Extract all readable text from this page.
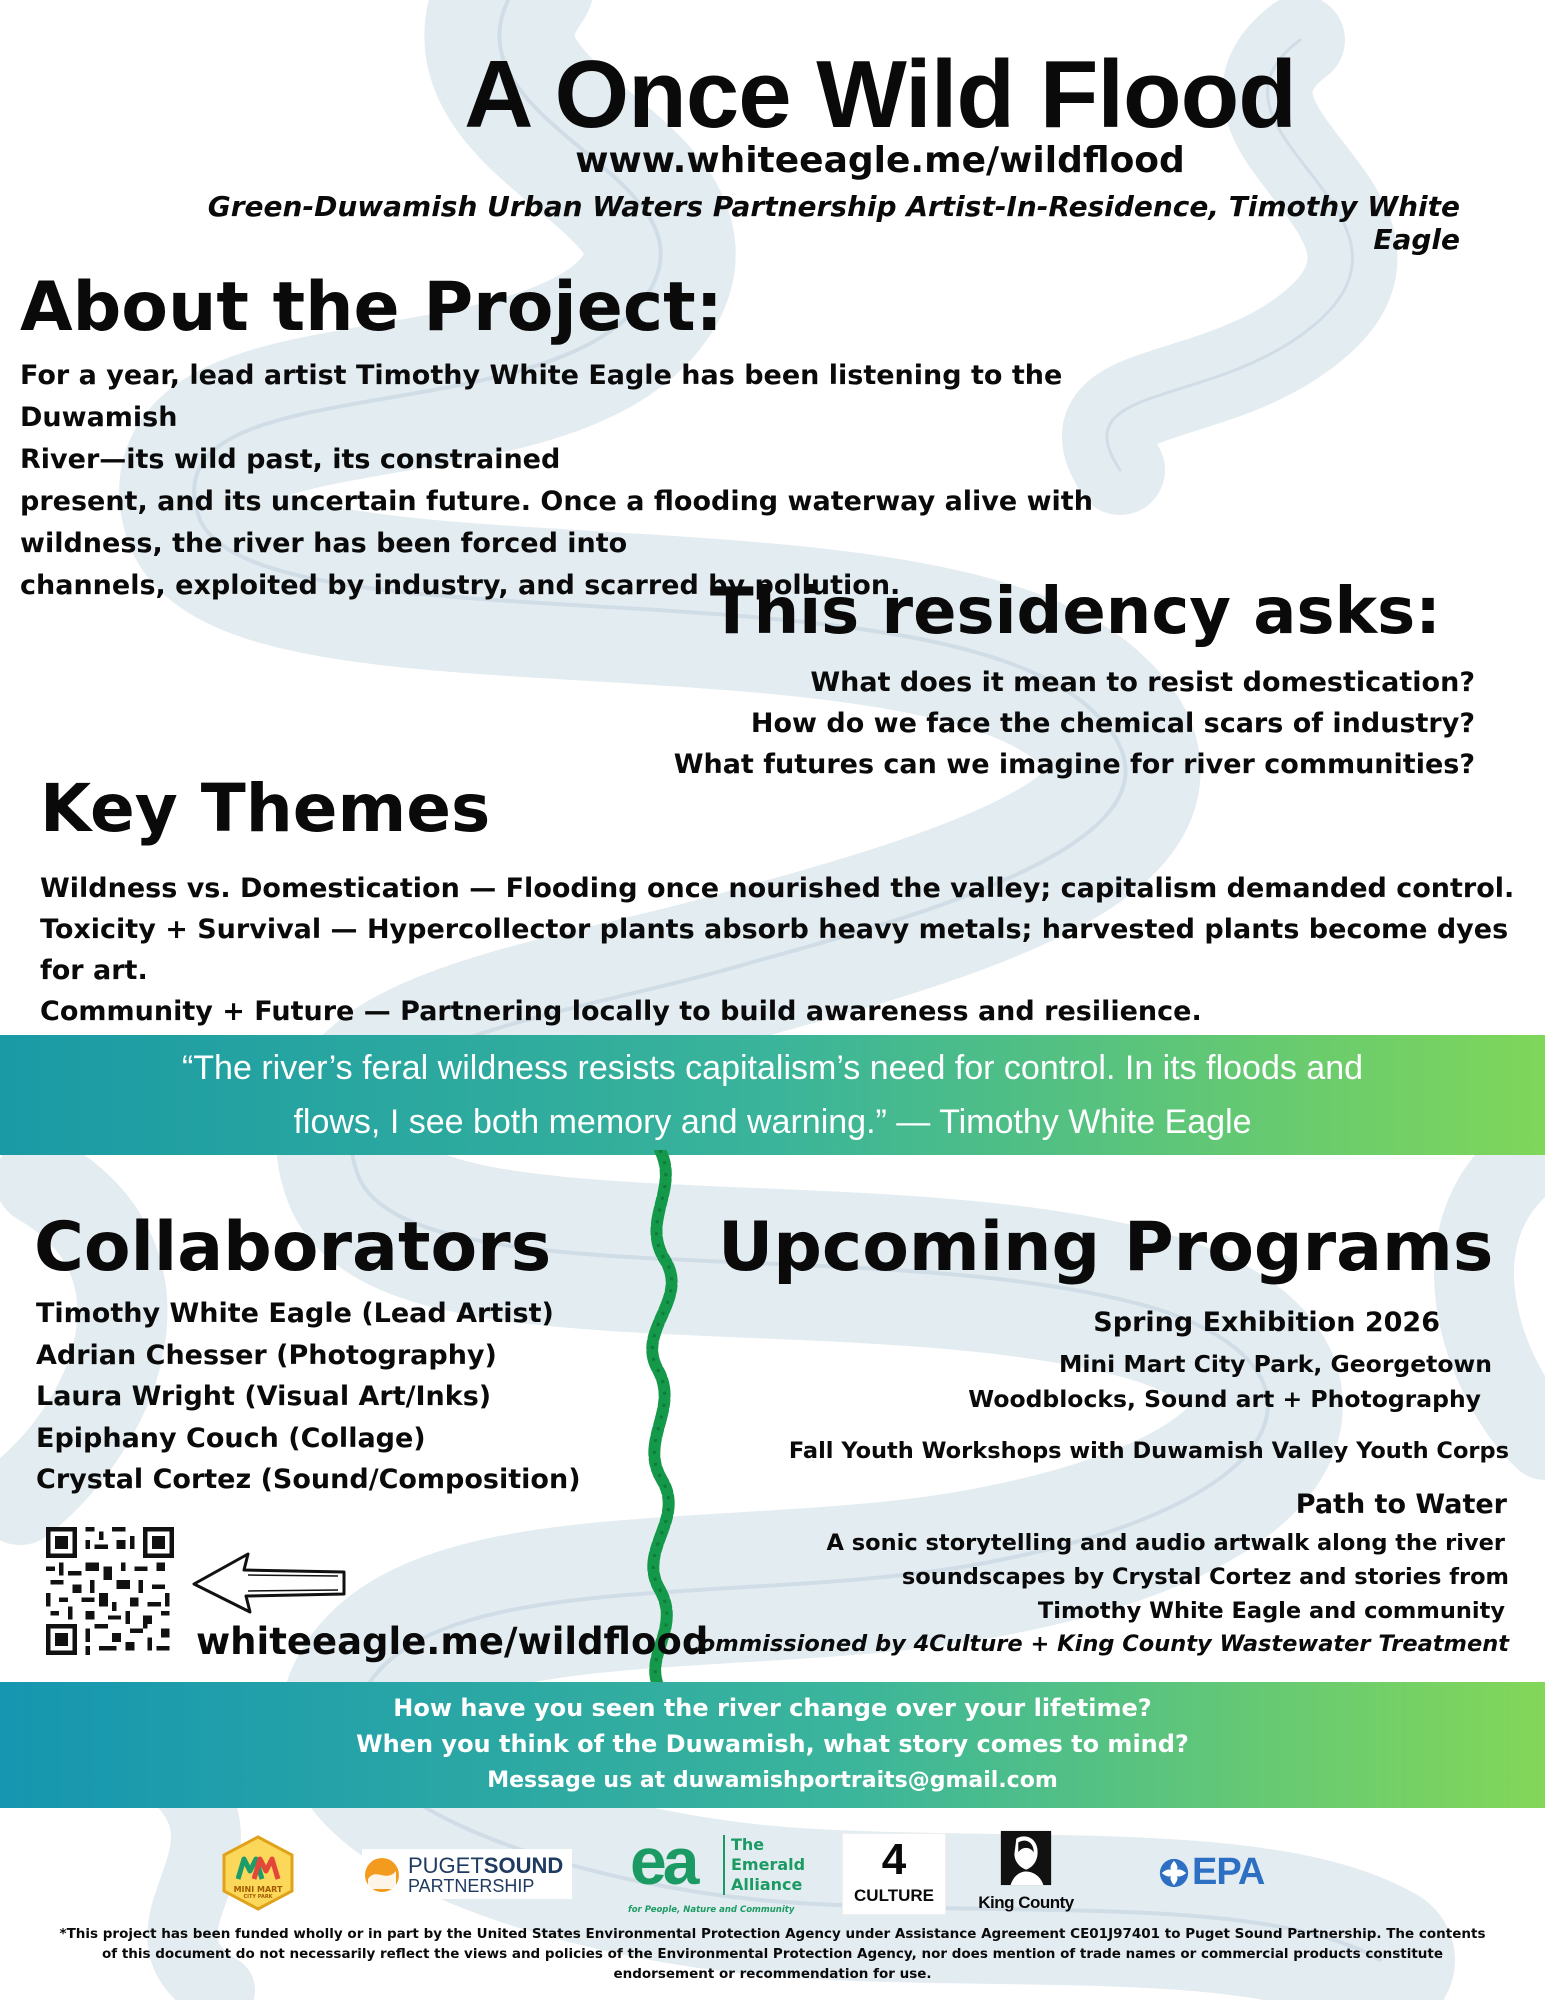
A Once Wild Flood
www.whiteeagle.me/wildflood
Green-Duwamish Urban Waters Partnership Artist-In-Residence, Timothy White Eagle
About the Project:
For a year, lead artist Timothy White Eagle has been listening to the Duwamish
River—its wild past, its constrained
present, and its uncertain future. Once a flooding waterway alive with
wildness, the river has been forced into
channels, exploited by industry, and scarred by pollution.
This residency asks:
What does it mean to resist domestication?
How do we face the chemical scars of industry?
What futures can we imagine for river communities?
Key Themes
Wildness vs. Domestication — Flooding once nourished the valley; capitalism demanded control.
Toxicity + Survival — Hypercollector plants absorb heavy metals; harvested plants become dyes for art.
Community + Future — Partnering locally to build awareness and resilience.
“The river’s feral wildness resists capitalism’s need for control. In its floods and
flows, I see both memory and warning.” — Timothy White Eagle
Collaborators
Timothy White Eagle (Lead Artist)
Adrian Chesser (Photography)
Laura Wright (Visual Art/Inks)
Epiphany Couch (Collage)
Crystal Cortez (Sound/Composition)
whiteeagle.me/wildflood
Upcoming Programs
Spring Exhibition 2026
Mini Mart City Park, Georgetown
Woodblocks, Sound art + Photography
Fall Youth Workshops with Duwamish Valley Youth Corps
Path to Water
A sonic storytelling and audio artwalk along the river
soundscapes by Crystal Cortez and stories from
Timothy White Eagle and community
Commissioned by 4Culture + King County Wastewater Treatment
How have you seen the river change over your lifetime?
When you think of the Duwamish, what story comes to mind?
Message us at duwamishportraits@gmail.com
MINI MART
CITY PARK
PUGETSOUND
PARTNERSHIP ea The
Emerald
Alliance
for People, Nature and Community
4
CULTURE	King County
EPA
*This project has been funded wholly or in part by the United States Environmental Protection Agency under Assistance Agreement CE01J97401 to Puget Sound Partnership. The contents of this document do not necessarily reflect the views and policies of the Environmental Protection Agency, nor does mention of trade names or commercial products constitute endorsement or recommendation for use.
